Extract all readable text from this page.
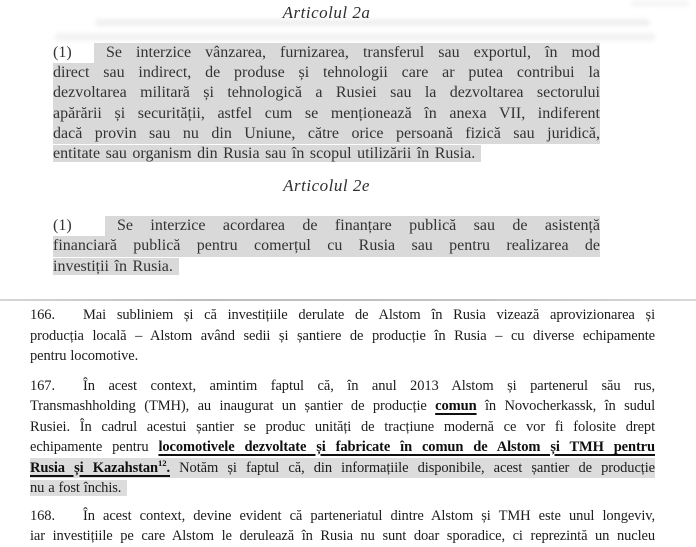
Articolul 2a
(1)	Se interzice vânzarea, furnizarea, transferul sau exportul, în mod
direct sau indirect, de produse și tehnologii care ar putea contribui la
dezvoltarea militară și tehnologică a Rusiei sau la dezvoltarea sectorului
apărării și securității, astfel cum se menționează în anexa VII, indiferent
dacă provin sau nu din Uniune, către orice persoană fizică sau juridică,
entitate sau organism din Rusia sau în scopul utilizării în Rusia.
Articolul 2e
(1)	Se interzice acordarea de finanțare publică sau de asistență
financiară publică pentru comerțul cu Rusia sau pentru realizarea de
investiții în Rusia.
166.	Mai subliniem și că investițiile derulate de Alstom în Rusia vizează aprovizionarea și
producția locală – Alstom având sedii și șantiere de producție în Rusia – cu diverse echipamente
pentru locomotive.
167.	În acest context, amintim faptul că, în anul 2013 Alstom și partenerul său rus,
Transmashholding (TMH), au inaugurat un șantier de producție comun în Novocherkassk, în sudul
Rusiei. În cadrul acestui șantier se produc unități de tracțiune modernă ce vor fi folosite drept
echipamente pentru locomotivele dezvoltate și fabricate în comun de Alstom și TMH pentru
Rusia și Kazahstan$^{12}$. Notăm și faptul că, din informațiile disponibile, acest șantier de producție
nu a fost închis.
168.	În acest context, devine evident că parteneriatul dintre Alstom și TMH este unul longeviv,
iar investițiile pe care Alstom le derulează în Rusia nu sunt doar sporadice, ci reprezintă un nucleu
